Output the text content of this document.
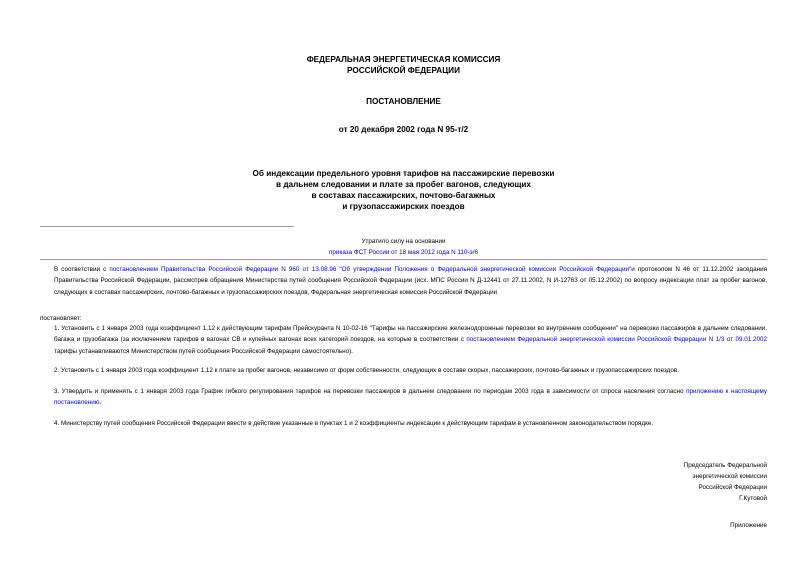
ФЕДЕРАЛЬНАЯ ЭНЕРГЕТИЧЕСКАЯ КОМИССИЯ
РОССИЙСКОЙ ФЕДЕРАЦИИ
ПОСТАНОВЛЕНИЕ
от 20 декабря 2002 года N 95-т/2
Об индексации предельного уровня тарифов на пассажирские перевозки
в дальнем следовании и плате за пробег вагонов, следующих
в составах пассажирских, почтово-багажных
и грузопассажирских поездов
Утратило силу на основании
приказа ФСТ России от 18 мая 2012 года N 110-э/6
В соответствии с постановлением Правительства Российской Федерации N 960 от 13.08.96 "Об утверждении Положения о Федеральной энергетической комиссии Российской Федерации"и протоколом N 46 от 11.12.2002 заседания Правительства Российской Федерации, рассмотрев обращения Министерства путей сообщения Российской Федерации (исх. МПС России N Д-12441 от 27.11.2002, N И-12763 от 05.12.2002) по вопросу индексации плат за пробег вагонов, следующих в составах пассажирских, почтово-багажных и грузопассажирских поездов, Федеральная энергетическая комиссия Российской Федерации
постановляет:
1. Установить с 1 января 2003 года коэффициент 1,12 к действующим тарифам Прейскуранта N 10-02-16 "Тарифы на пассажирские железнодорожные перевозки во внутреннем сообщении" на перевозки пассажиров в дальнем следовании, багажа и грузобагажа (за исключением тарифов в вагонах СВ и купейных вагонах всех категорий поездов, на которые в соответствии с постановлением Федеральной энергетической комиссии Российской Федерации N 1/3 от 09.01.2002 тарифы устанавливаются Министерством путей сообщения Российской Федерации самостоятельно).
2. Установить с 1 января 2003 года коэффициент 1,12 к плате за пробег вагонов, независимо от форм собственности, следующих в составе скорых, пассажирских, почтово-багажных и грузопассажирских поездов.
3. Утвердить и применять с 1 января 2003 года График гибкого регулирования тарифов на перевозки пассажиров в дальнем следовании по периодам 2003 года в зависимости от спроса населения согласно приложению к настоящему постановлению.
4. Министерству путей сообщения Российской Федерации ввести в действие указанные в пунктах 1 и 2 коэффициенты индексации к действующим тарифам в установленном законодательством порядке.
Председатель Федеральной
энергетической комиссии
Российской Федерации
Г.Кутовой
Приложение
